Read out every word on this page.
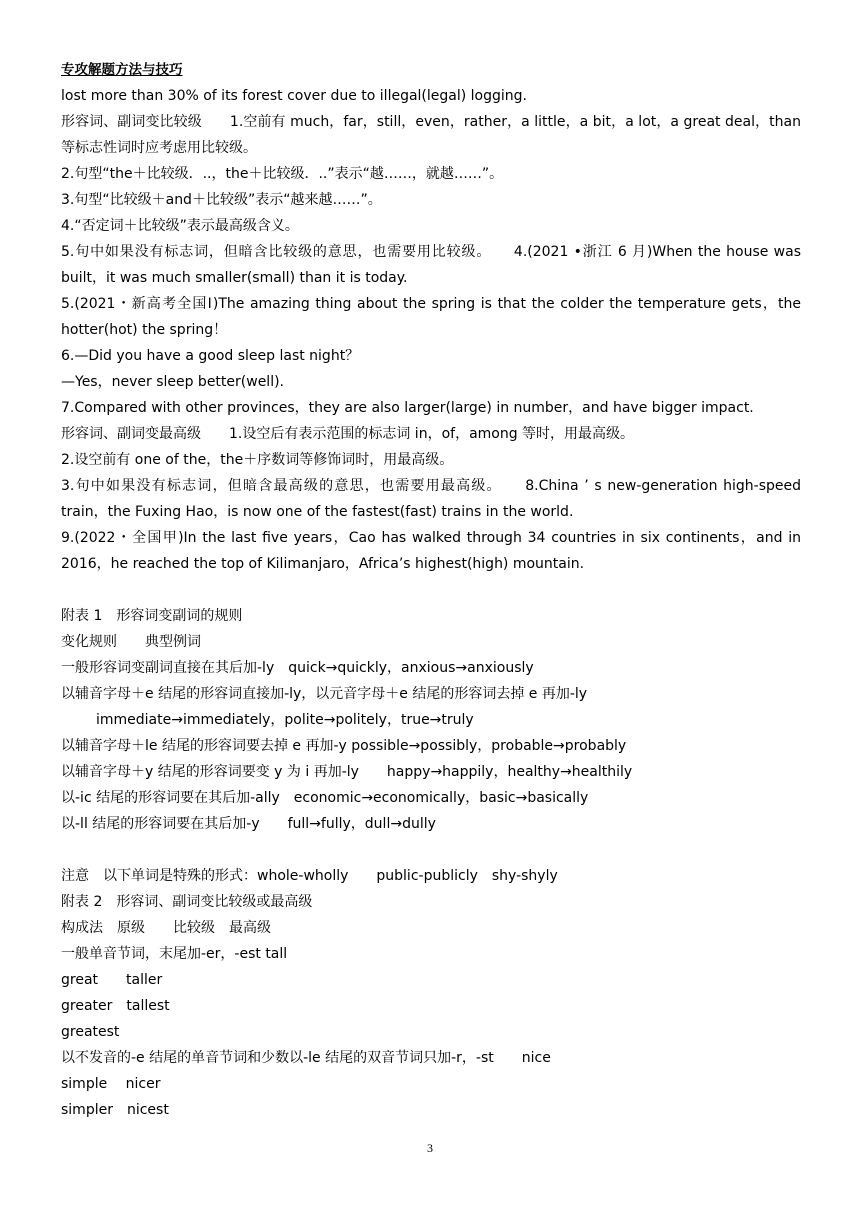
专攻解题方法与技巧
lost more than 30% of its forest cover due to illegal(legal) logging.
形容词、副词变比较级　　1.空前有 much，far，still，even，rather，a little，a bit，a lot，a great deal，than 等标志性词时应考虑用比较级。
2.句型“the＋比较级．..，the＋比较级．..”表示“越……，就越……”。
3.句型“比较级＋and＋比较级”表示“越来越……”。
4.“否定词＋比较级”表示最高级含义。
5.句中如果没有标志词，但暗含比较级的意思，也需要用比较级。　　4.(2021 •浙江 6 月)When the house was built，it was much smaller(small) than it is today.
5.(2021・新高考全国Ⅰ)The amazing thing about the spring is that the colder the temperature gets，the hotter(hot) the spring！
6.—Did you have a good sleep last night？
—Yes，never sleep better(well).
7.Compared with other provinces，they are also larger(large) in number，and have bigger impact.
形容词、副词变最高级　　1.设空后有表示范围的标志词 in，of，among 等时，用最高级。
2.设空前有 one of the，the＋序数词等修饰词时，用最高级。
3.句中如果没有标志词，但暗含最高级的意思，也需要用最高级。　　8.China ’ s new-generation high-speed train，the Fuxing Hao，is now one of the fastest(fast) trains in the world.
9.(2022・全国甲)In the last five years，Cao has walked through 34 countries in six continents，and in 2016，he reached the top of Kilimanjaro，Africa’s highest(high) mountain.
附表 1　形容词变副词的规则
变化规则　　典型例词
一般形容词变副词直接在其后加-ly　quick→quickly，anxious→anxiously
以辅音字母＋e 结尾的形容词直接加-ly，以元音字母＋e 结尾的形容词去掉 e 再加-ly
immediate→immediately，polite→politely，true→truly
以辅音字母＋le 结尾的形容词要去掉 e 再加-y possible→possibly，probable→probably
以辅音字母＋y 结尾的形容词要变 y 为 i 再加-ly　　happy→happily，healthy→healthily
以-ic 结尾的形容词要在其后加-ally　economic→economically，basic→basically
以-ll 结尾的形容词要在其后加-y　　full→fully，dull→dully
注意　以下单词是特殊的形式：whole-wholly　　public-publicly　shy-shyly
附表 2　形容词、副词变比较级或最高级
构成法　原级　　比较级　最高级
一般单音节词，末尾加-er，-est tall
great　　taller
greater　tallest
greatest
以不发音的-e 结尾的单音节词和少数以-le 结尾的双音节词只加-r，-st　　nice
simple　 nicer
simpler　nicest
3
